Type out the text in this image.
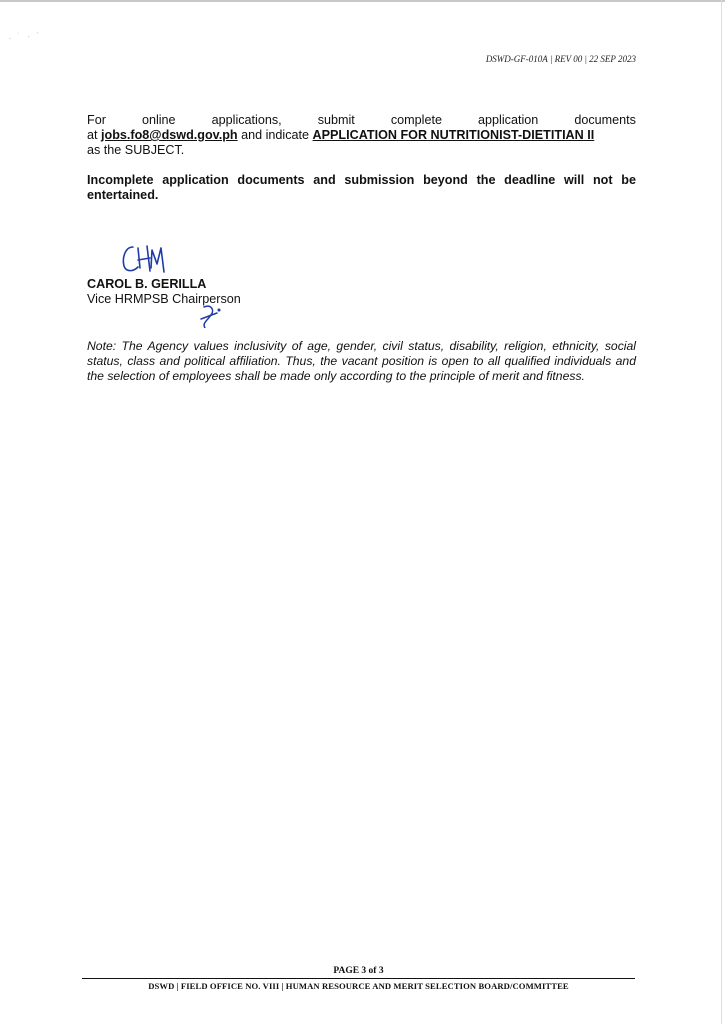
· ˙ . ·
DSWD-GF-010A | REV 00 | 22 SEP 2023
For	online	applications,	submit	complete	application	documents
at jobs.fo8@dswd.gov.ph and indicate APPLICATION FOR NUTRITIONIST-DIETITIAN II
as the SUBJECT.

Incomplete application documents and submission beyond the deadline will not be entertained.

CAROL B. GERILLA
Vice HRMPSB Chairperson

Note: The Agency values inclusivity of age, gender, civil status, disability, religion, ethnicity, social status, class and political affiliation. Thus, the vacant position is open to all qualified individuals and the selection of employees shall be made only according to the principle of merit and fitness.

PAGE 3 of 3
DSWD | FIELD OFFICE NO. VIII | HUMAN RESOURCE AND MERIT SELECTION BOARD/COMMITTEE
